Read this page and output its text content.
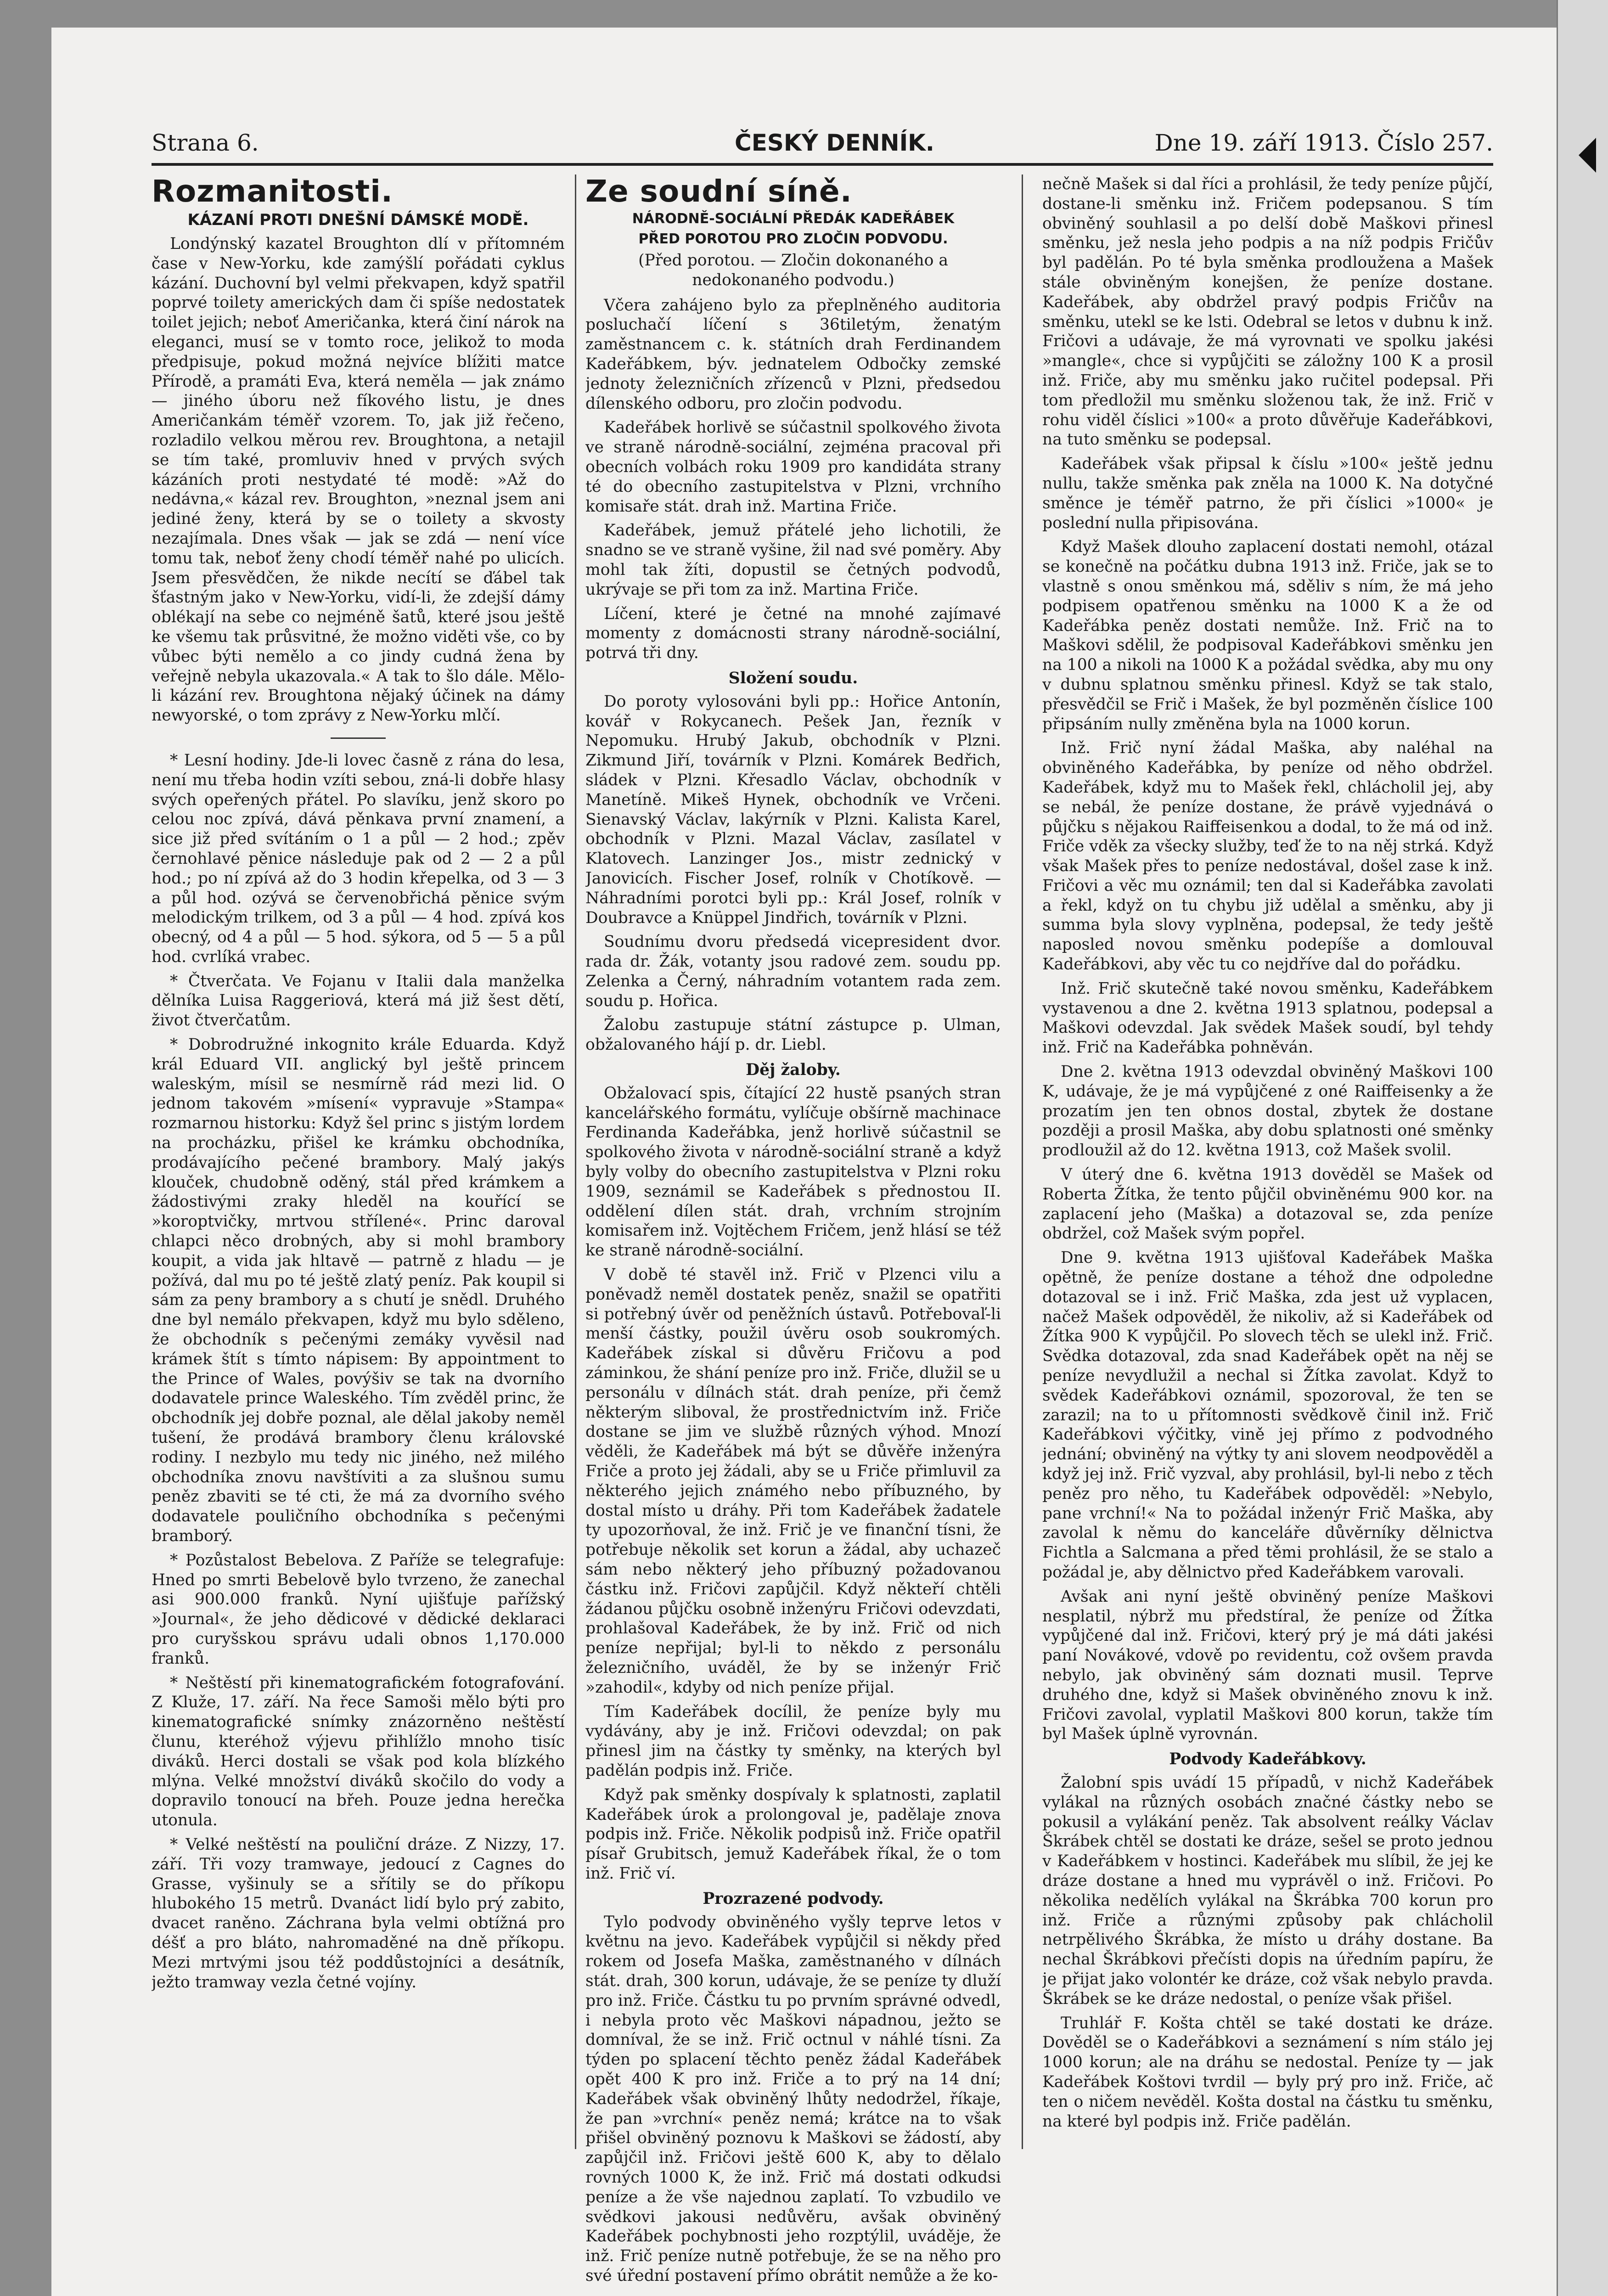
Strana 6.	ČESKÝ DENNÍK.	Dne 19. září 1913. Číslo 257.
Rozmanitosti.
KÁZANÍ PROTI DNEŠNÍ DÁMSKÉ MODĚ.

Londýnský kazatel Broughton dlí v přítomném čase v New-Yorku, kde zamýšlí pořádati cyklus kázání. Duchovní byl velmi překvapen, když spatřil poprvé toilety amerických dam či spíše nedostatek toilet jejich; neboť Američanka, která činí nárok na eleganci, musí se v tomto roce, jelikož to moda předpisuje, pokud možná nejvíce blížiti matce Přírodě, a pramáti Eva, která neměla — jak známo — jiného úboru než fíkového listu, je dnes Američankám téměř vzorem. To, jak již řečeno, rozladilo velkou měrou rev. Broughtona, a netajil se tím také, promluviv hned v prvých svých kázáních proti nestydaté té modě: »Až do nedávna,« kázal rev. Broughton, »neznal jsem ani jediné ženy, která by se o toilety a skvosty nezajímala. Dnes však — jak se zdá — není více tomu tak, neboť ženy chodí téměř nahé po ulicích. Jsem přesvědčen, že nikde necítí se ďábel tak šťastným jako v New-Yorku, vidí-li, že zdejší dámy oblékají na sebe co nejméně šatů, které jsou ještě ke všemu tak průsvitné, že možno viděti vše, co by vůbec býti nemělo a co jindy cudná žena by veřejně nebyla ukazovala.« A tak to šlo dále. Mělo-li kázání rev. Broughtona nějaký účinek na dámy newyorské, o tom zprávy z New-Yorku mlčí.

* Lesní hodiny. Jde-li lovec časně z rána do lesa, není mu třeba hodin vzíti sebou, zná-li dobře hlasy svých opeřených přátel. Po slavíku, jenž skoro po celou noc zpívá, dává pěnkava první znamení, a sice již před svítáním o 1 a půl — 2 hod.; zpěv černohlavé pěnice následuje pak od 2 — 2 a půl hod.; po ní zpívá až do 3 hodin křepelka, od 3 — 3 a půl hod. ozývá se červenobřichá pěnice svým melodickým trilkem, od 3 a půl — 4 hod. zpívá kos obecný, od 4 a půl — 5 hod. sýkora, od 5 — 5 a půl hod. cvrlíká vrabec.

* Čtverčata. Ve Fojanu v Italii dala manželka dělníka Luisa Raggeriová, která má již šest dětí, život čtverčatům.

* Dobrodružné inkognito krále Eduarda. Když král Eduard VII. anglický byl ještě princem waleským, mísil se nesmírně rád mezi lid. O jednom takovém »mísení« vypravuje »Stampa« rozmarnou historku: Když šel princ s jistým lordem na procházku, přišel ke krámku obchodníka, prodávajícího pečené brambory. Malý jakýs klouček, chudobně oděný, stál před krámkem a žádostivými zraky hleděl na kouřící se »koroptvičky, mrtvou střílené«. Princ daroval chlapci něco drobných, aby si mohl brambory koupit, a vida jak hltavě — patrně z hladu — je požívá, dal mu po té ještě zlatý peníz. Pak koupil si sám za peny brambory a s chutí je snědl. Druhého dne byl nemálo překvapen, když mu bylo sděleno, že obchodník s pečenými zemáky vyvěsil nad krámek štít s tímto nápisem: By appointment to the Prince of Wales, povýšiv se tak na dvorního dodavatele prince Waleského. Tím zvěděl princ, že obchodník jej dobře poznal, ale dělal jakoby neměl tušení, že prodává brambory členu královské rodiny. I nezbylo mu tedy nic jiného, než milého obchodníka znovu navštíviti a za slušnou sumu peněz zbaviti se té cti, že má za dvorního svého dodavatele pouličního obchodníka s pečenými bramborý.

* Pozůstalost Bebelova. Z Paříže se telegrafuje: Hned po smrti Bebelově bylo tvrzeno, že zanechal asi 900.000 franků. Nyní ujišťuje pařížský »Journal«, že jeho dědicové v dědické deklaraci pro curyšskou správu udali obnos 1,170.000 franků.

* Neštěstí při kinematografickém fotografování. Z Kluže, 17. září. Na řece Samoši mělo býti pro kinematografické snímky znázorněno neštěstí člunu, kteréhož výjevu přihlížlo mnoho tisíc diváků. Herci dostali se však pod kola blízkého mlýna. Velké množství diváků skočilo do vody a dopravilo tonoucí na břeh. Pouze jedna herečka utonula.

* Velké neštěstí na pouliční dráze. Z Nizzy, 17. září. Tři vozy tramwaye, jedoucí z Cagnes do Grasse, vyšinuly se a sřítily se do příkopu hlubokého 15 metrů. Dvanáct lidí bylo prý zabito, dvacet raněno. Záchrana byla velmi obtížná pro déšť a pro bláto, nahromaděné na dně příkopu. Mezi mrtvými jsou též poddůstojníci a desátník, ježto tramway vezla četné vojíny.

Ze soudní síně.
NÁRODNĚ-SOCIÁLNÍ PŘEDÁK KADEŘÁBEK
PŘED POROTOU PRO ZLOČIN PODVODU.
(Před porotou. — Zločin dokonaného a nedokonaného podvodu.)

Včera zahájeno bylo za přeplněného auditoria posluchačí líčení s 36tiletým, ženatým zaměstnancem c. k. státních drah Ferdinandem Kadeřábkem, býv. jednatelem Odbočky zemské jednoty železničních zřízenců v Plzni, předsedou dílenského odboru, pro zločin podvodu.

Kadeřábek horlivě se súčastnil spolkového života ve straně národně-sociální, zejména pracoval při obecních volbách roku 1909 pro kandidáta strany té do obecního zastupitelstva v Plzni, vrchního komisaře stát. drah inž. Martina Friče.

Kadeřábek, jemuž přátelé jeho lichotili, že snadno se ve straně vyšine, žil nad své poměry. Aby mohl tak žíti, dopustil se četných podvodů, ukrývaje se při tom za inž. Martina Friče.

Líčení, které je četné na mnohé zajímavé momenty z domácnosti strany národně-sociální, potrvá tři dny.

Složení soudu.

Do poroty vylosováni byli pp.: Hořice Antonín, kovář v Rokycanech. Pešek Jan, řezník v Nepomuku. Hrubý Jakub, obchodník v Plzni. Zikmund Jiří, továrník v Plzni. Komárek Bedřich, sládek v Plzni. Křesadlo Václav, obchodník v Manetíně. Mikeš Hynek, obchodník ve Vrčeni. Sienavský Václav, lakýrník v Plzni. Kalista Karel, obchodník v Plzni. Mazal Václav, zasílatel v Klatovech. Lanzinger Jos., mistr zednický v Janovicích. Fischer Josef, rolník v Chotíkově. — Náhradními porotci byli pp.: Král Josef, rolník v Doubravce a Knüppel Jindřich, továrník v Plzni.

Soudnímu dvoru předsedá vicepresident dvor. rada dr. Žák, votanty jsou radové zem. soudu pp. Zelenka a Černý, náhradním votantem rada zem. soudu p. Hořica.

Žalobu zastupuje státní zástupce p. Ulman, obžalovaného hájí p. dr. Liebl.

Děj žaloby.

Obžalovací spis, čítající 22 hustě psaných stran kancelářského formátu, vylíčuje obšírně machinace Ferdinanda Kadeřábka, jenž horlivě súčastnil se spolkového života v národně-sociální straně a když byly volby do obecního zastupitelstva v Plzni roku 1909, seznámil se Kadeřábek s přednostou II. oddělení dílen stát. drah, vrchním strojním komisařem inž. Vojtěchem Fričem, jenž hlásí se též ke straně národně-sociální.

V době té stavěl inž. Frič v Plzenci vilu a poněvadž neměl dostatek peněz, snažil se opatřiti si potřebný úvěr od peněžních ústavů. Potřebovaľ-li menší částky, použil úvěru osob soukromých. Kadeřábek získal si důvěru Fričovu a pod záminkou, že shání peníze pro inž. Friče, dlužil se u personálu v dílnách stát. drah peníze, při čemž některým sliboval, že prostřednictvím inž. Friče dostane se jim ve službě různých výhod. Mnozí věděli, že Kadeřábek má být se důvěře inženýra Friče a proto jej žádali, aby se u Friče přimluvil za některého jejich známého nebo příbuzného, by dostal místo u dráhy. Při tom Kadeřábek žadatele ty upozorňoval, že inž. Frič je ve finanční tísni, že potřebuje několik set korun a žádal, aby uchazeč sám nebo některý jeho příbuzný požadovanou částku inž. Fričovi zapůjčil. Když někteří chtěli žádanou půjčku osobně inženýru Fričovi odevzdati, prohlašoval Kadeřábek, že by inž. Frič od nich peníze nepřijal; byl-li to někdo z personálu železničního, uváděl, že by se inženýr Frič »zahodil«, kdyby od nich peníze přijal.

Tím Kadeřábek docílil, že peníze byly mu vydávány, aby je inž. Fričovi odevzdal; on pak přinesl jim na částky ty směnky, na kterých byl padělán podpis inž. Friče.

Když pak směnky dospívaly k splatnosti, zaplatil Kadeřábek úrok a prolongoval je, padělaje znova podpis inž. Friče. Několik podpisů inž. Friče opatřil písař Grubitsch, jemuž Kadeřábek říkal, že o tom inž. Frič ví.

Prozrazené podvody.

Tylo podvody obviněného vyšly teprve letos v květnu na jevo. Kadeřábek vypůjčil si někdy před rokem od Josefa Maška, zaměstnaného v dílnách stát. drah, 300 korun, udávaje, že se peníze ty dluží pro inž. Friče. Částku tu po prvním správné odvedl, i nebyla proto věc Maškovi nápadnou, ježto se domníval, že se inž. Frič octnul v náhlé tísni. Za týden po splacení těchto peněz žádal Kadeřábek opět 400 K pro inž. Friče a to prý na 14 dní; Kadeřábek však obviněný lhůty nedodržel, říkaje, že pan »vrchní« peněz nemá; krátce na to však přišel obviněný poznovu k Maškovi se žádostí, aby zapůjčil inž. Fričovi ještě 600 K, aby to dělalo rovných 1000 K, že inž. Frič má dostati odkudsi peníze a že vše najednou zaplatí. To vzbudilo ve svědkovi jakousi nedůvěru, avšak obviněný Kadeřábek pochybnosti jeho rozptýlil, uváděje, že inž. Frič peníze nutně potřebuje, že se na něho pro své úřední postavení přímo obrátit nemůže a že ko-

nečně Mašek si dal říci a prohlásil, že tedy peníze půjčí, dostane-li směnku inž. Fričem podepsanou. S tím obviněný souhlasil a po delší době Maškovi přinesl směnku, jež nesla jeho podpis a na níž podpis Fričův byl padělán. Po té byla směnka prodloužena a Mašek stále obviněným konejšen, že peníze dostane. Kadeřábek, aby obdržel pravý podpis Fričův na směnku, utekl se ke lsti. Odebral se letos v dubnu k inž. Fričovi a udávaje, že má vyrovnati ve spolku jakési »mangle«, chce si vypůjčiti se záložny 100 K a prosil inž. Friče, aby mu směnku jako ručitel podepsal. Při tom předložil mu směnku složenou tak, že inž. Frič v rohu viděl číslici »100« a proto důvěřuje Kadeřábkovi, na tuto směnku se podepsal.

Kadeřábek však připsal k číslu »100« ještě jednu nullu, takže směnka pak zněla na 1000 K. Na dotyčné směnce je téměř patrno, že při číslici »1000« je poslední nulla připisována.

Když Mašek dlouho zaplacení dostati nemohl, otázal se konečně na počátku dubna 1913 inž. Friče, jak se to vlastně s onou směnkou má, sděliv s ním, že má jeho podpisem opatřenou směnku na 1000 K a že od Kadeřábka peněz dostati nemůže. Inž. Frič na to Maškovi sdělil, že podpisoval Kadeřábkovi směnku jen na 100 a nikoli na 1000 K a požádal svědka, aby mu ony v dubnu splatnou směnku přinesl. Když se tak stalo, přesvědčil se Frič i Mašek, že byl pozměněn číslice 100 připsáním nully změněna byla na 1000 korun.

Inž. Frič nyní žádal Maška, aby naléhal na obviněného Kadeřábka, by peníze od něho obdržel. Kadeřábek, když mu to Mašek řekl, chlácholil jej, aby se nebál, že peníze dostane, že právě vyjednává o půjčku s nějakou Raiffeisenkou a dodal, to že má od inž. Friče vděk za všecky služby, teď že to na něj strká. Když však Mašek přes to peníze nedostával, došel zase k inž. Fričovi a věc mu oznámil; ten dal si Kadeřábka zavolati a řekl, když on tu chybu již udělal a směnku, aby ji summa byla slovy vyplněna, podepsal, že tedy ještě naposled novou směnku podepíše a domlouval Kadeřábkovi, aby věc tu co nejdříve dal do pořádku.

Inž. Frič skutečně také novou směnku, Kadeřábkem vystavenou a dne 2. května 1913 splatnou, podepsal a Maškovi odevzdal. Jak svědek Mašek soudí, byl tehdy inž. Frič na Kadeřábka pohněván.

Dne 2. května 1913 odevzdal obviněný Maškovi 100 K, udávaje, že je má vypůjčené z oné Raiffeisenky a že prozatím jen ten obnos dostal, zbytek že dostane později a prosil Maška, aby dobu splatnosti oné směnky prodloužil až do 12. května 1913, což Mašek svolil.

V úterý dne 6. května 1913 dověděl se Mašek od Roberta Žítka, že tento půjčil obviněnému 900 kor. na zaplacení jeho (Maška) a dotazoval se, zda peníze obdržel, což Mašek svým popřel.

Dne 9. května 1913 ujišťoval Kadeřábek Maška opětně, že peníze dostane a téhož dne odpoledne dotazoval se i inž. Frič Maška, zda jest už vyplacen, načež Mašek odpověděl, že nikoliv, až si Kadeřábek od Žítka 900 K vypůjčil. Po slovech těch se ulekl inž. Frič. Svědka dotazoval, zda snad Kadeřábek opět na něj se peníze nevydlužil a nechal si Žítka zavolat. Když to svědek Kadeřábkovi oznámil, spozoroval, že ten se zarazil; na to u přítomnosti svědkově činil inž. Frič Kadeřábkovi výčitky, vině jej přímo z podvodného jednání; obviněný na výtky ty ani slovem neodpověděl a když jej inž. Frič vyzval, aby prohlásil, byl-li nebo z těch peněz pro něho, tu Kadeřábek odpověděl: »Nebylo, pane vrchní!« Na to požádal inženýr Frič Maška, aby zavolal k němu do kanceláře důvěrníky dělnictva Fichtla a Salcmana a před těmi prohlásil, že se stalo a požádal je, aby dělnictvo před Kadeřábkem varovali.

Avšak ani nyní ještě obviněný peníze Maškovi nesplatil, nýbrž mu předstíral, že peníze od Žítka vypůjčené dal inž. Fričovi, který prý je má dáti jakési paní Novákové, vdově po revidentu, což ovšem pravda nebylo, jak obviněný sám doznati musil. Teprve druhého dne, když si Mašek obviněného znovu k inž. Fričovi zavolal, vyplatil Maškovi 800 korun, takže tím byl Mašek úplně vyrovnán.

Podvody Kadeřábkovy.

Žalobní spis uvádí 15 případů, v nichž Kadeřábek vylákal na různých osobách značné částky nebo se pokusil a vylákání peněz. Tak absolvent reálky Václav Škrábek chtěl se dostati ke dráze, sešel se proto jednou v Kadeřábkem v hostinci. Kadeřábek mu slíbil, že jej ke dráze dostane a hned mu vyprávěl o inž. Fričovi. Po několika nedělích vylákal na Škrábka 700 korun pro inž. Friče a různými způsoby pak chlácholil netrpělivého Škrábka, že místo u dráhy dostane. Ba nechal Škrábkovi přečísti dopis na úředním papíru, že je přijat jako volontér ke dráze, což však nebylo pravda. Škrábek se ke dráze nedostal, o peníze však přišel.

Truhlář F. Košta chtěl se také dostati ke dráze. Dověděl se o Kadeřábkovi a seznámení s ním stálo jej 1000 korun; ale na dráhu se nedostal. Peníze ty — jak Kadeřábek Koštovi tvrdil — byly prý pro inž. Friče, ač ten o ničem nevěděl. Košta dostal na částku tu směnku, na které byl podpis inž. Friče padělán.
